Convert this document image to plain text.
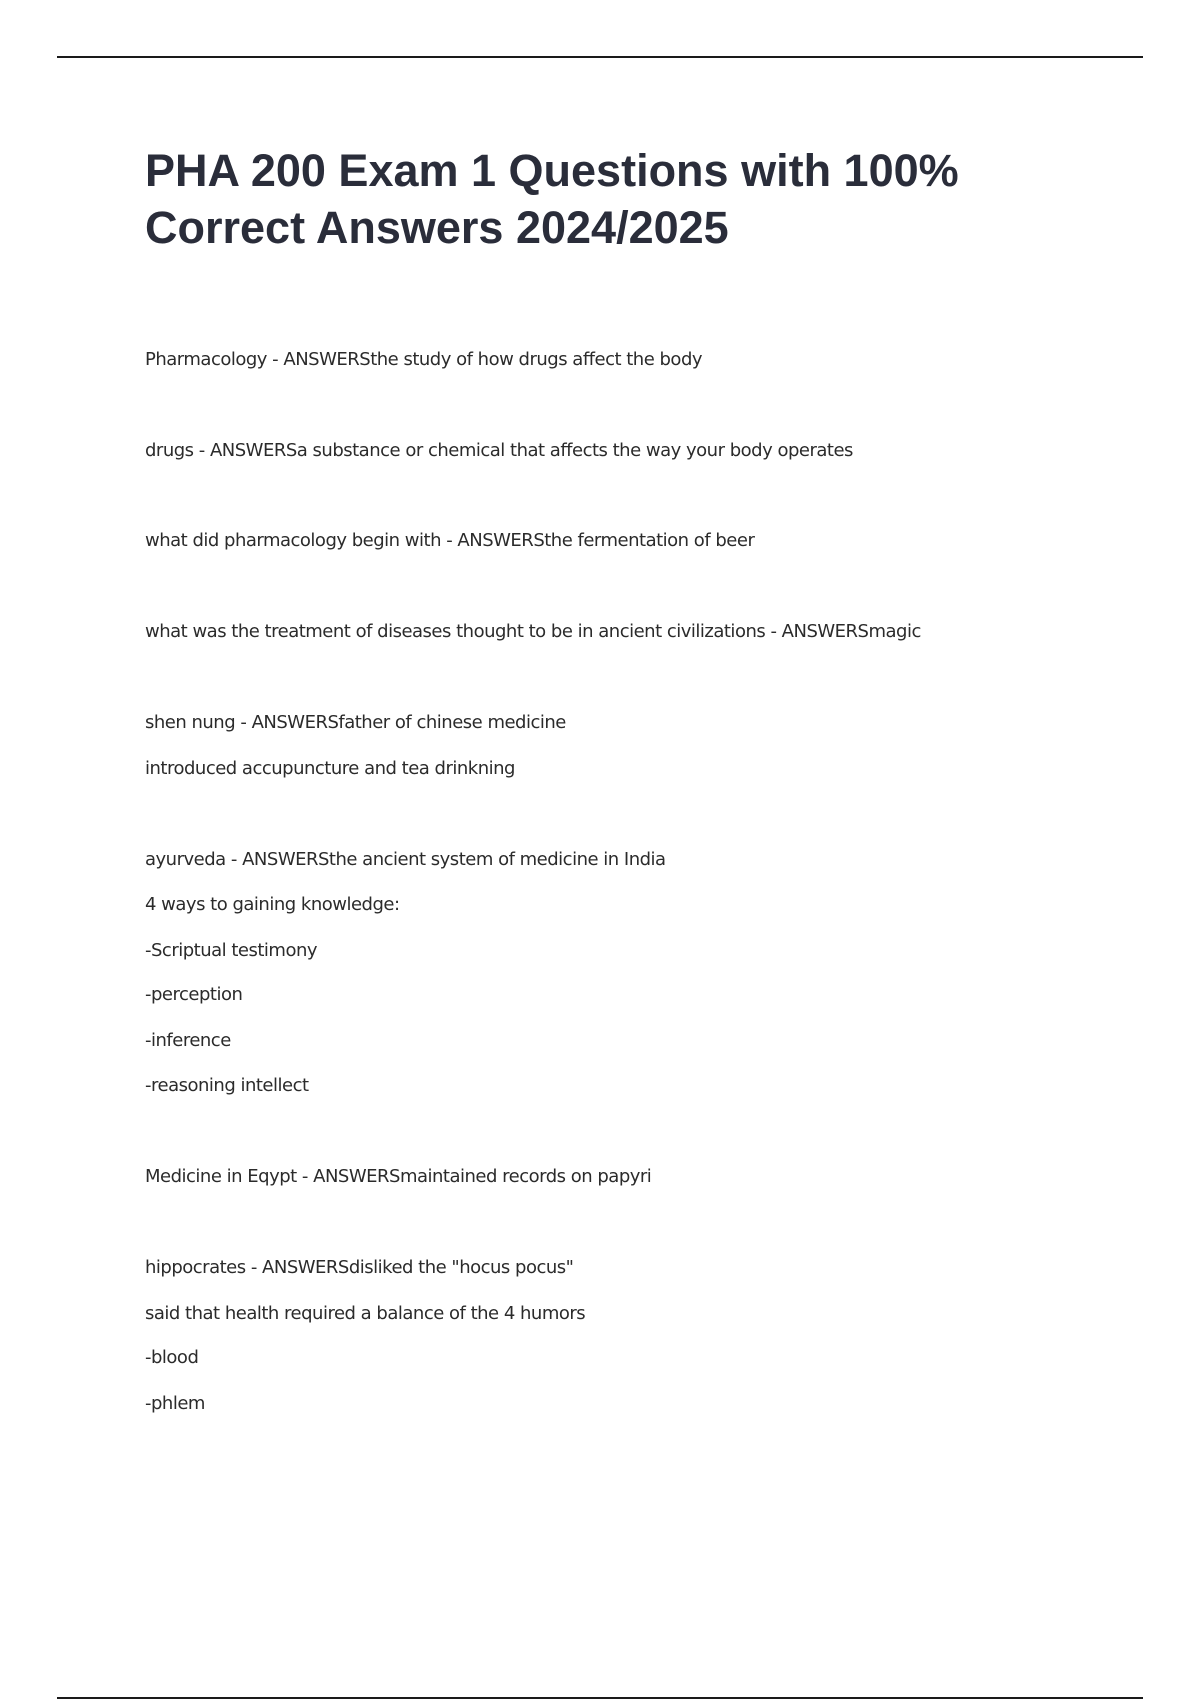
PHA 200 Exam 1 Questions with 100%
Correct Answers 2024/2025
Pharmacology - ANSWERSthe study of how drugs affect the body
drugs - ANSWERSa substance or chemical that affects the way your body operates
what did pharmacology begin with - ANSWERSthe fermentation of beer
what was the treatment of diseases thought to be in ancient civilizations - ANSWERSmagic
shen nung - ANSWERSfather of chinese medicine
introduced accupuncture and tea drinkning
ayurveda - ANSWERSthe ancient system of medicine in India
4 ways to gaining knowledge:
-Scriptual testimony
-perception
-inference
-reasoning intellect
Medicine in Eqypt - ANSWERSmaintained records on papyri
hippocrates - ANSWERSdisliked the "hocus pocus"
said that health required a balance of the 4 humors
-blood
-phlem
